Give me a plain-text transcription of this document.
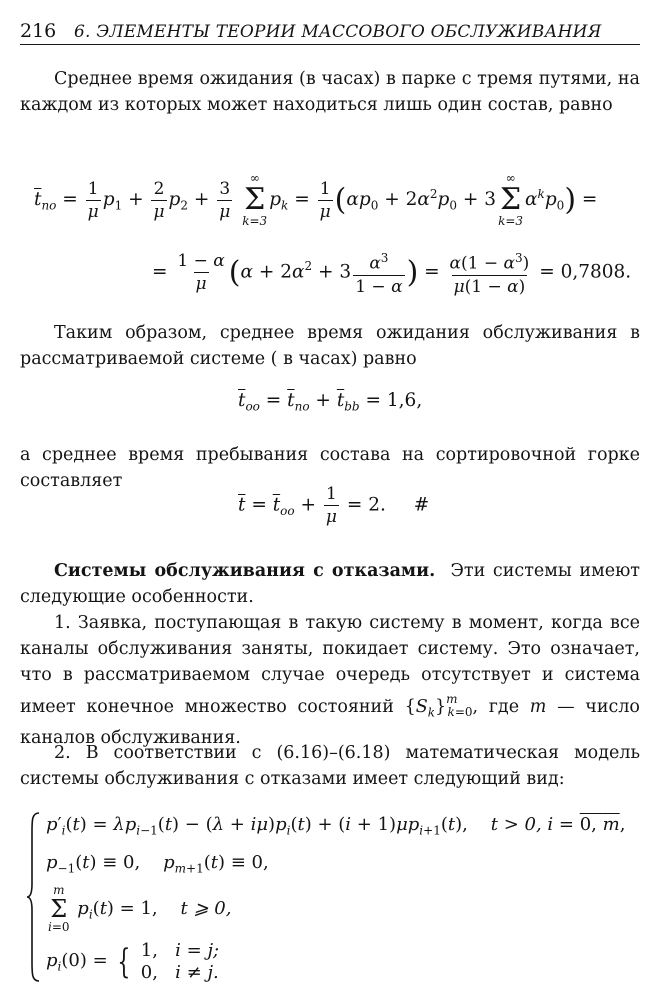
216 6. ЭЛЕМЕНТЫ ТЕОРИИ МАССОВОГО ОБСЛУЖИВАНИЯ
Среднее время ожидания (в часах) в парке с тремя путями, на каждом из которых может находиться лишь один состав, равно
$\overline{t}_{по} = \frac{1}{\mu} p_1 + \frac{2}{\mu} p_2 + \frac{3}{\mu}$

∞
Σ
k=3
$p_k = \frac{1}{\mu} (\alpha p_0 + 2\alpha^2p_0 + 3$
∞
Σ
k=3
$\alpha^kp_0$) =
= $\frac{1 - \alpha}{\mu} (\alpha + 2\alpha^2 + 3 \frac{\alpha^3}{1 - \alpha}$ ) = $\frac{\alpha(1 - \alpha^3)}{\mu(1 - \alpha)} = 0,7808$.
Таким образом, среднее время ожидания обслуживания в рассматриваемой системе ( в часах) равно
$\overline{t}_{oo} = \overline{t}_{no} + \overline{t}_{bb} = 1,6$,
а среднее время пребывания состава на сортировочной горке составляет
$\overline{t} = \overline{t}_{oo} + \frac{1}{\mu} = 2$. #
Системы обслуживания с отказами. Эти системы имеют следующие особенности.
1. Заявка, поступающая в такую систему в момент, когда все каналы обслуживания заняты, покидает систему. Это означает, что в рассматриваемом случае очередь отсутствует и система имеет конечное множество состояний $\{S_k\}^m_{k=0}$, где m — число каналов обслуживания.
2. В соответствии с (6.16)–(6.18) математическая модель системы обслуживания с отказами имеет следующий вид:
$p'_i(t) = \lambda p_{i-1}(t) - (\lambda + i\mu)p_i(t) + (i + 1)\mu p_{i+1}(t)$,    t > 0, i = 0, m,
$p_{-1}(t) \equiv 0$,    $p_{m+1}(t) \equiv 0$,
m
Σ
i=0
$p_i(t) = 1$,    t ⩾ 0,
$p_i(0)$ = { 1, i = j;
0, i ≠ j.
